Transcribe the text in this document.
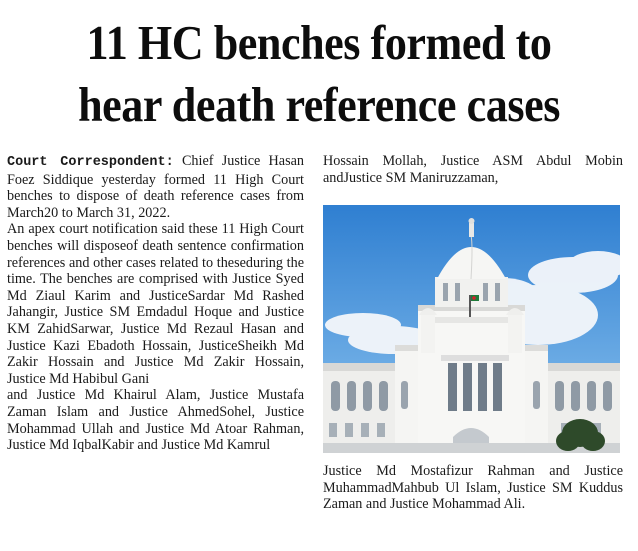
11 HC benches formed to
hear death reference cases

Court Correspondent: Chief Justice Hasan Foez Siddique yesterday formed 11 High Court benches to dispose of death reference cases from March20 to March 31, 2022.

An apex court notification said these 11 High Court benches will disposeof death sentence confirmation references and other cases related to theseduring the time. The benches are comprised with Justice Syed Md Ziaul Karim and JusticeSardar Md Rashed Jahangir, Justice SM Emdadul Hoque and Justice KM ZahidSarwar, Justice Md Rezaul Hasan and Justice Kazi Ebadoth Hossain, JusticeSheikh Md Zakir Hossain and Justice Md Zakir Hossain, Justice Md Habibul Gani

and Justice Md Khairul Alam, Justice Mustafa Zaman Islam and Justice AhmedSohel, Justice Mohammad Ullah and Justice Md Atoar Rahman, Justice Md IqbalKabir and Justice Md Kamrul

Hossain Mollah, Justice ASM Abdul Mobin andJustice SM Maniruzzaman,

Justice Md Mostafizur Rahman and Justice MuhammadMahbub Ul Islam, Justice SM Kuddus Zaman and Justice Mohammad Ali.
